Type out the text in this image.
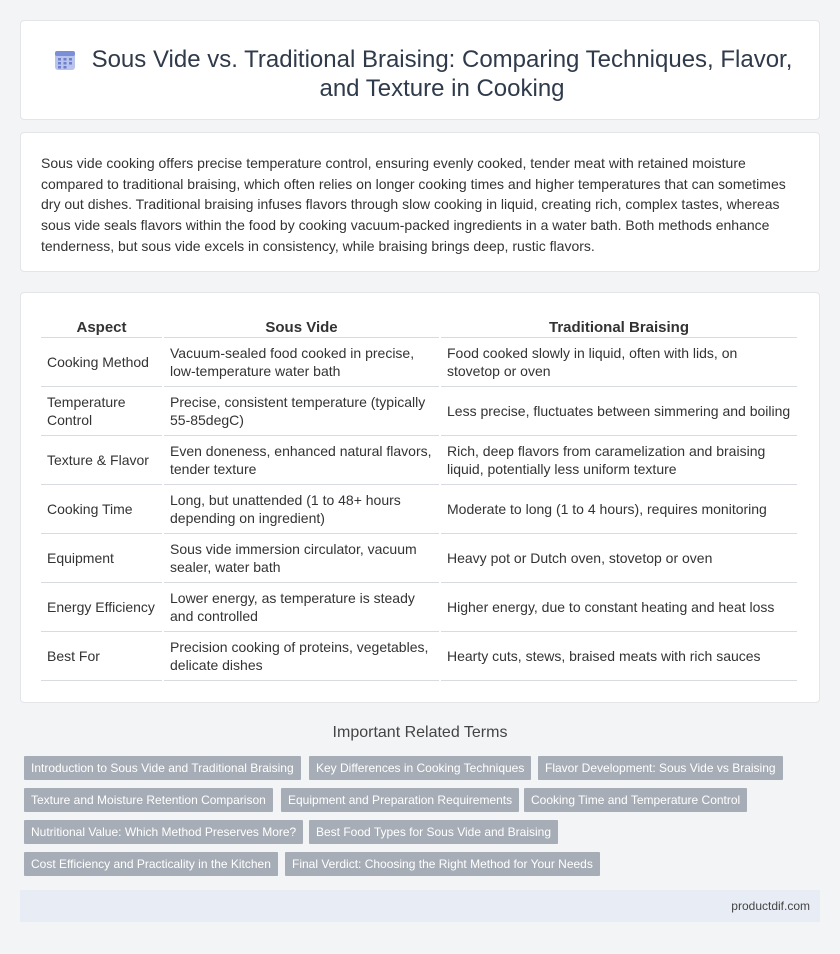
Sous Vide vs. Traditional Braising: Comparing Techniques, Flavor, and Texture in Cooking

Sous vide cooking offers precise temperature control, ensuring evenly cooked, tender meat with retained moisture compared to traditional braising, which often relies on longer cooking times and higher temperatures that can sometimes dry out dishes. Traditional braising infuses flavors through slow cooking in liquid, creating rich, complex tastes, whereas sous vide seals flavors within the food by cooking vacuum-packed ingredients in a water bath. Both methods enhance tenderness, but sous vide excels in consistency, while braising brings deep, rustic flavors.

Aspect	Sous Vide	Traditional Braising
Cooking Method	Vacuum-sealed food cooked in precise, low-temperature water bath	Food cooked slowly in liquid, often with lids, on stovetop or oven
Temperature Control	Precise, consistent temperature (typically 55-85degC)	Less precise, fluctuates between simmering and boiling
Texture & Flavor	Even doneness, enhanced natural flavors, tender texture	Rich, deep flavors from caramelization and braising liquid, potentially less uniform texture
Cooking Time	Long, but unattended (1 to 48+ hours depending on ingredient)	Moderate to long (1 to 4 hours), requires monitoring
Equipment	Sous vide immersion circulator, vacuum sealer, water bath	Heavy pot or Dutch oven, stovetop or oven
Energy Efficiency	Lower energy, as temperature is steady and controlled	Higher energy, due to constant heating and heat loss
Best For	Precision cooking of proteins, vegetables, delicate dishes	Hearty cuts, stews, braised meats with rich sauces
Important Related Terms
Introduction to Sous Vide and Traditional Braising	Key Differences in Cooking Techniques	Flavor Development: Sous Vide vs Braising
Texture and Moisture Retention Comparison	Equipment and Preparation Requirements	Cooking Time and Temperature Control
Nutritional Value: Which Method Preserves More?	Best Food Types for Sous Vide and Braising
Cost Efficiency and Practicality in the Kitchen	Final Verdict: Choosing the Right Method for Your Needs
productdif.com
